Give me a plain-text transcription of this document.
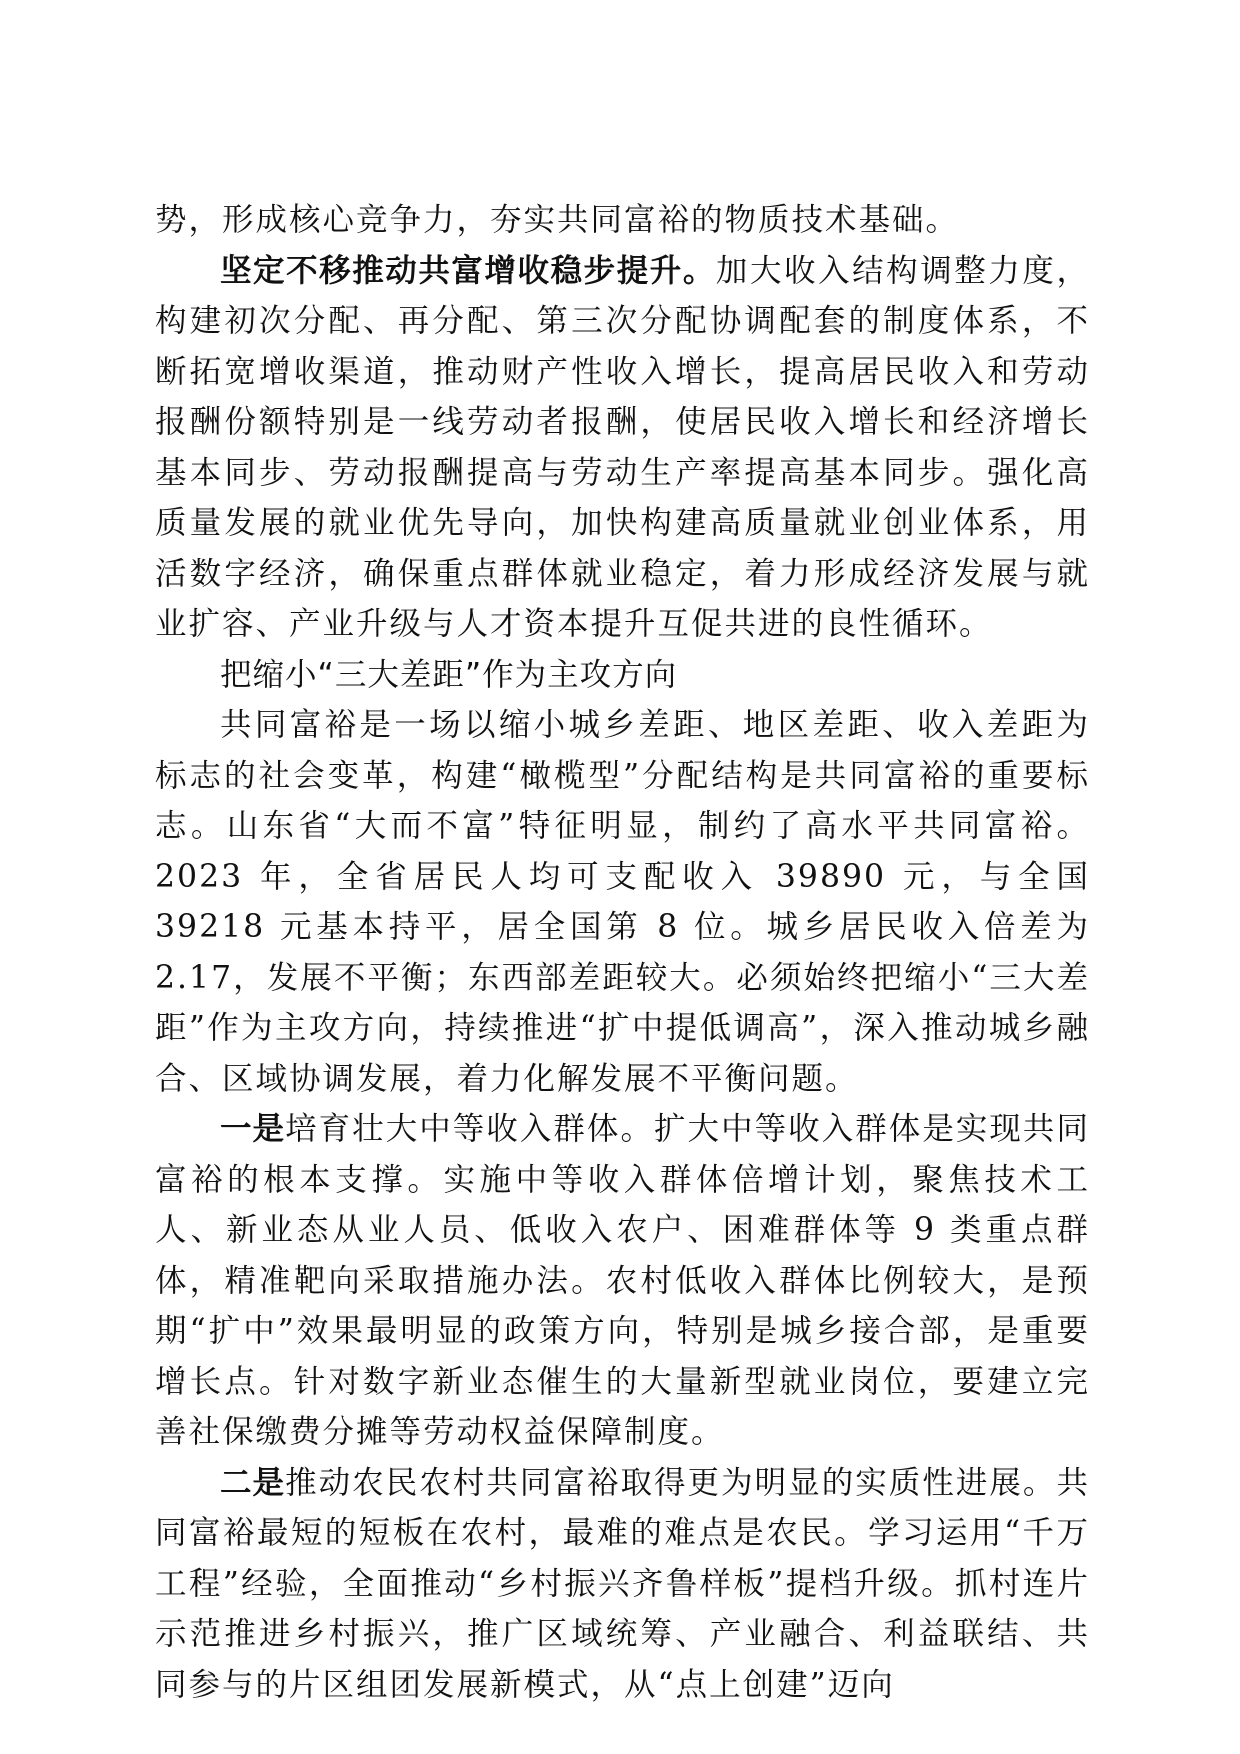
势，形成核心竞争力，夯实共同富裕的物质技术基础。

坚定不移推动共富增收稳步提升。加大收入结构调整力度，构建初次分配、再分配、第三次分配协调配套的制度体系，不断拓宽增收渠道，推动财产性收入增长，提高居民收入和劳动报酬份额特别是一线劳动者报酬，使居民收入增长和经济增长基本同步、劳动报酬提高与劳动生产率提高基本同步。强化高质量发展的就业优先导向，加快构建高质量就业创业体系，用活数字经济，确保重点群体就业稳定，着力形成经济发展与就业扩容、产业升级与人才资本提升互促共进的良性循环。

把缩小“三大差距”作为主攻方向

共同富裕是一场以缩小城乡差距、地区差距、收入差距为标志的社会变革，构建“橄榄型”分配结构是共同富裕的重要标志。山东省“大而不富”特征明显，制约了高水平共同富裕。2023 年，全省居民人均可支配收入 39890 元，与全国 39218 元基本持平，居全国第 8 位。城乡居民收入倍差为 2.17，发展不平衡；东西部差距较大。必须始终把缩小“三大差距”作为主攻方向，持续推进“扩中提低调高”，深入推动城乡融合、区域协调发展，着力化解发展不平衡问题。

一是培育壮大中等收入群体。扩大中等收入群体是实现共同富裕的根本支撑。实施中等收入群体倍增计划，聚焦技术工人、新业态从业人员、低收入农户、困难群体等 9 类重点群体，精准靶向采取措施办法。农村低收入群体比例较大，是预期“扩中”效果最明显的政策方向，特别是城乡接合部，是重要增长点。针对数字新业态催生的大量新型就业岗位，要建立完善社保缴费分摊等劳动权益保障制度。

二是推动农民农村共同富裕取得更为明显的实质性进展。共同富裕最短的短板在农村，最难的难点是农民。学习运用“千万工程”经验，全面推动“乡村振兴齐鲁样板”提档升级。抓村连片示范推进乡村振兴，推广区域统筹、产业融合、利益联结、共同参与的片区组团发展新模式，从“点上创建”迈向
